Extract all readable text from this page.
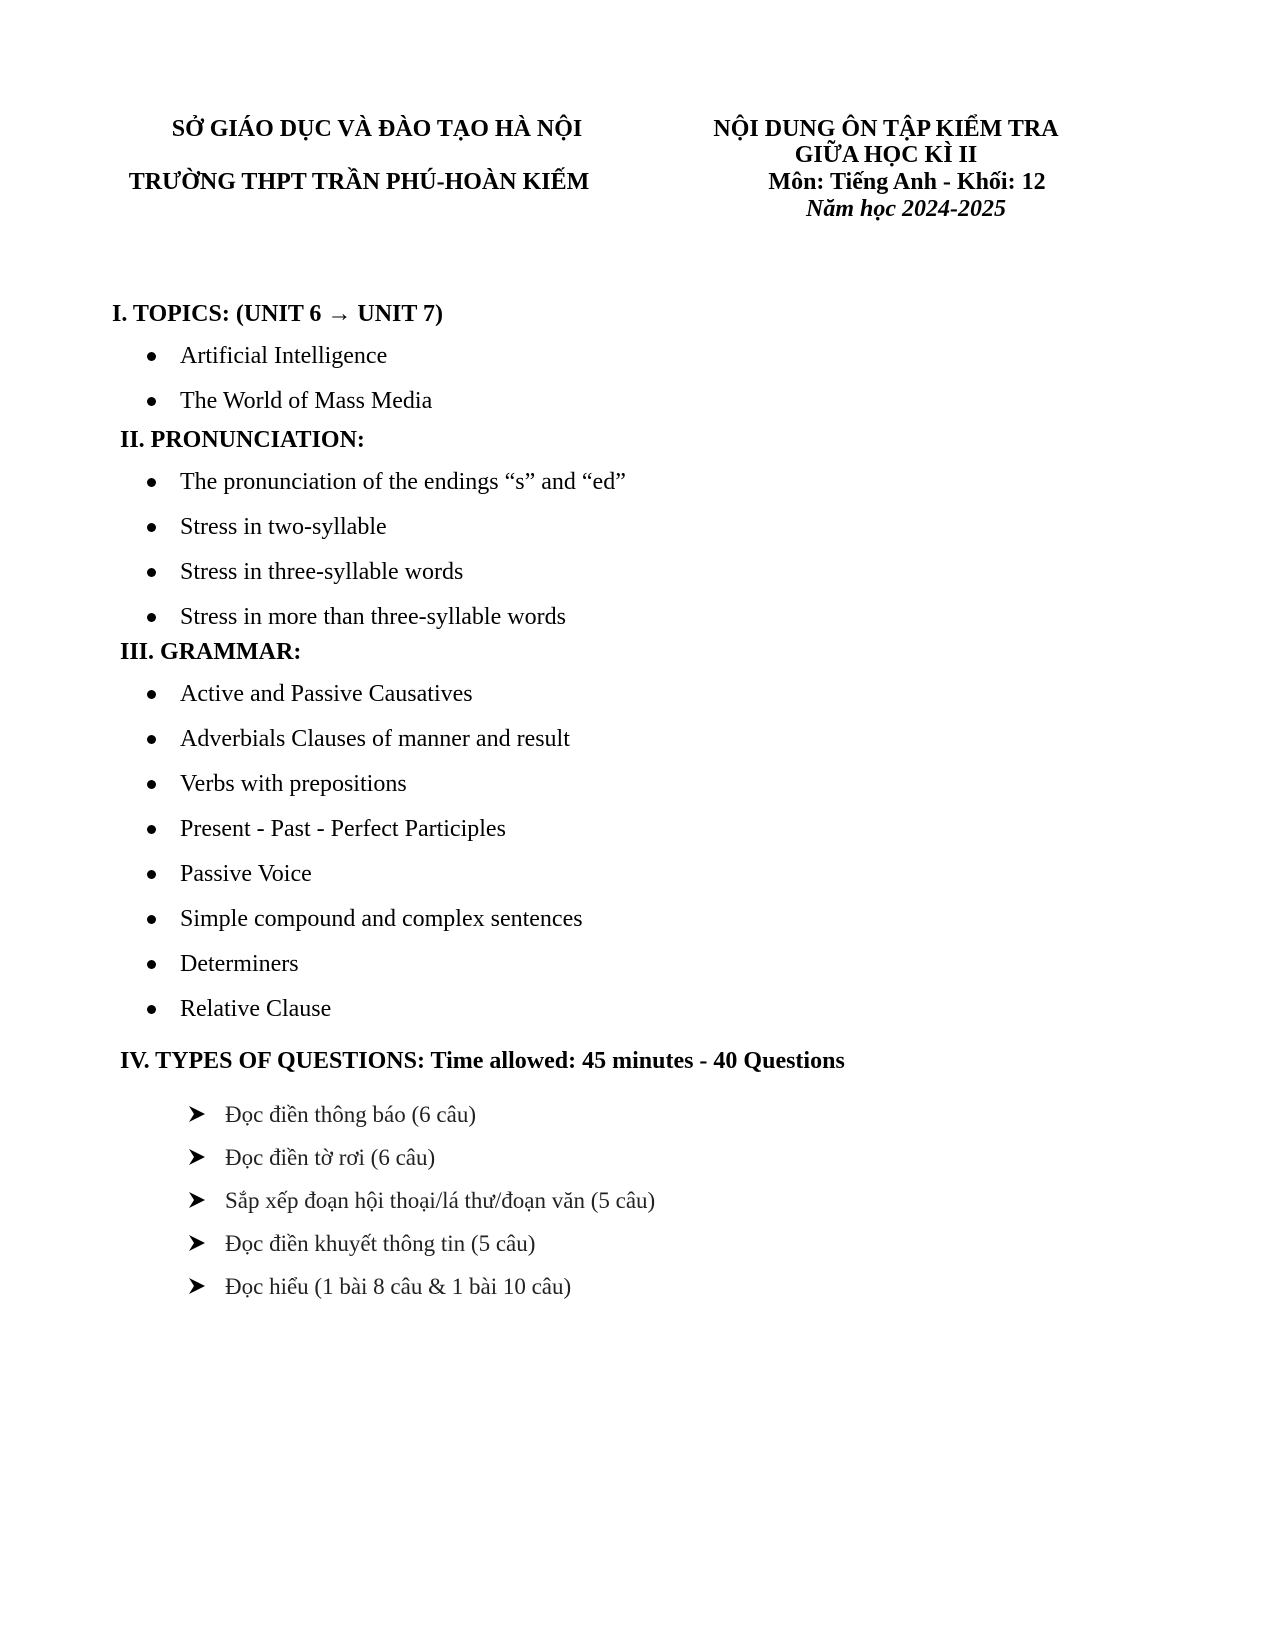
SỞ GIÁO DỤC VÀ ĐÀO TẠO HÀ NỘI
TRƯỜNG THPT TRẦN PHÚ-HOÀN KIẾM
NỘI DUNG ÔN TẬP KIỂM TRA
GIỮA HỌC KÌ II
Môn: Tiếng Anh - Khối: 12
Năm học 2024-2025
I. TOPICS: (UNIT 6 → UNIT 7)
Artificial Intelligence
The World of Mass Media
II. PRONUNCIATION:
The pronunciation of the endings “s” and “ed”
Stress in two-syllable
Stress in three-syllable words
Stress in more than three-syllable words
III. GRAMMAR:
Active and Passive Causatives
Adverbials Clauses of manner and result
Verbs with prepositions
Present - Past - Perfect Participles
Passive Voice
Simple compound and complex sentences
Determiners
Relative Clause
IV. TYPES OF QUESTIONS: Time allowed: 45 minutes - 40 Questions
Đọc điền thông báo (6 câu)
Đọc điền tờ rơi (6 câu)
Sắp xếp đoạn hội thoại/lá thư/đoạn văn (5 câu)
Đọc điền khuyết thông tin (5 câu)
Đọc hiểu (1 bài 8 câu & 1 bài 10 câu)
